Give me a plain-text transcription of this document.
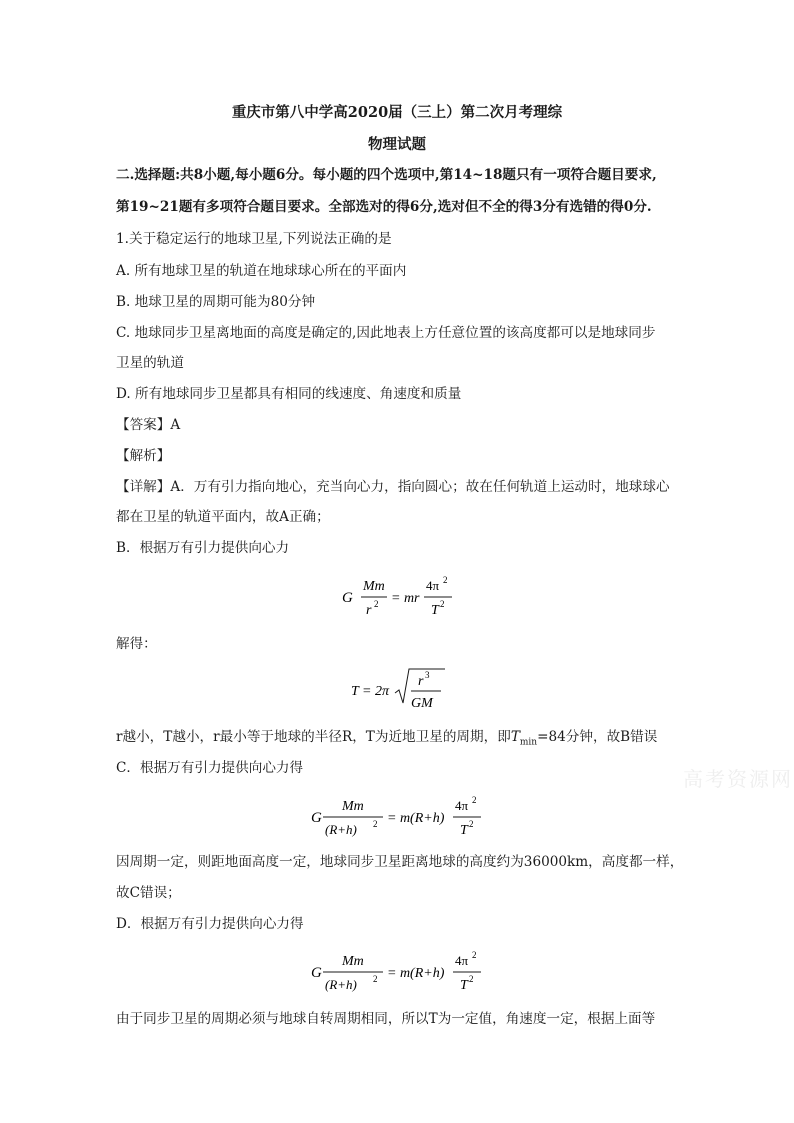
重庆市第八中学高2020届（三上）第二次月考理综
物理试题
二.选择题:共8小题,每小题6分。每小题的四个选项中,第14~18题只有一项符合题目要求,
第19~21题有多项符合题目要求。全部选对的得6分,选对但不全的得3分有选错的得0分.
1.关于稳定运行的地球卫星,下列说法正确的是
A. 所有地球卫星的轨道在地球球心所在的平面内
B. 地球卫星的周期可能为80分钟
C. 地球同步卫星离地面的高度是确定的,因此地表上方任意位置的该高度都可以是地球同步
卫星的轨道
D. 所有地球同步卫星都具有相同的线速度、角速度和质量
【答案】A
【解析】
【详解】A．万有引力指向地心，充当向心力，指向圆心；故在任何轨道上运动时，地球球心
都在卫星的轨道平面内，故A正确；
B．根据万有引力提供向心力
G
Mm
r 2 = mr
4π 2
T 2
解得：
T = 2π
r 3
GM
r越小，T越小，r最小等于地球的半径R，T为近地卫星的周期，即$T_{min}=84$分钟，故B错误
高考资源网
C．根据万有引力提供向心力得
G
Mm
(R+h) 2 = m(R+h)
4π 2
T 2
因周期一定，则距地面高度一定，地球同步卫星距离地球的高度约为36000km，高度都一样，
故C错误；
D．根据万有引力提供向心力得
G
Mm
(R+h) 2 = m(R+h)
4π 2
T 2
由于同步卫星的周期必须与地球自转周期相同，所以T为一定值，角速度一定，根据上面等
